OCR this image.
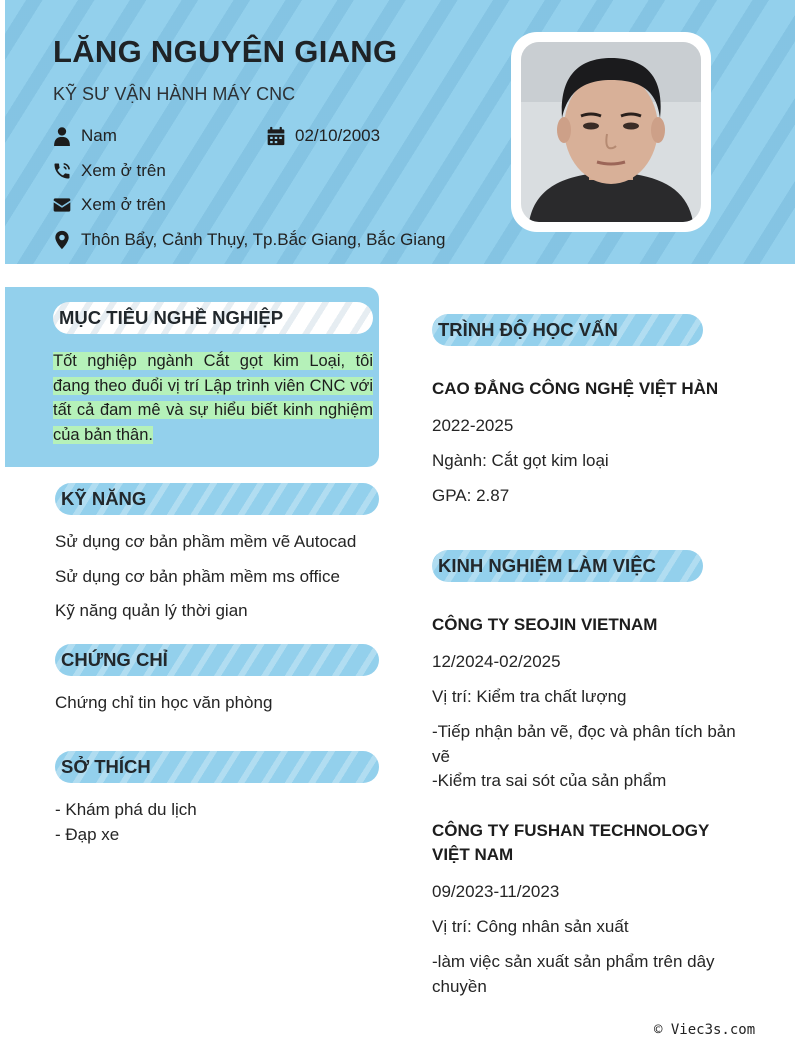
LĂNG NGUYÊN GIANG
KỸ SƯ VẬN HÀNH MÁY CNC
Nam	02/10/2003
Xem ở trên
Xem ở trên
Thôn Bẩy, Cảnh Thụy, Tp.Bắc Giang, Bắc Giang
MỤC TIÊU NGHỀ NGHIỆP
Tốt nghiệp ngành Cắt gọt kim Loại, tôi đang theo đuổi vị trí Lập trình viên CNC với tất cả đam mê và sự hiểu biết kinh nghiệm của bản thân.
KỸ NĂNG
Sử dụng cơ bản phầm mềm vẽ Autocad
Sử dụng cơ bản phầm mềm ms office
Kỹ năng quản lý thời gian
CHỨNG CHỈ
Chứng chỉ tin học văn phòng
SỞ THÍCH
- Khám phá du lịch
- Đạp xe
TRÌNH ĐỘ HỌC VẤN
CAO ĐẲNG CÔNG NGHỆ VIỆT HÀN
2022-2025
Ngành: Cắt gọt kim loại
GPA: 2.87
KINH NGHIỆM LÀM VIỆC
CÔNG TY SEOJIN VIETNAM
12/2024-02/2025
Vị trí: Kiểm tra chất lượng
-Tiếp nhận bản vẽ, đọc và phân tích bản vẽ
-Kiểm tra sai sót của sản phẩm
CÔNG TY FUSHAN TECHNOLOGY VIỆT NAM
09/2023-11/2023
Vị trí: Công nhân sản xuất
-làm việc sản xuất sản phẩm trên dây chuyền
© Viec3s.com
